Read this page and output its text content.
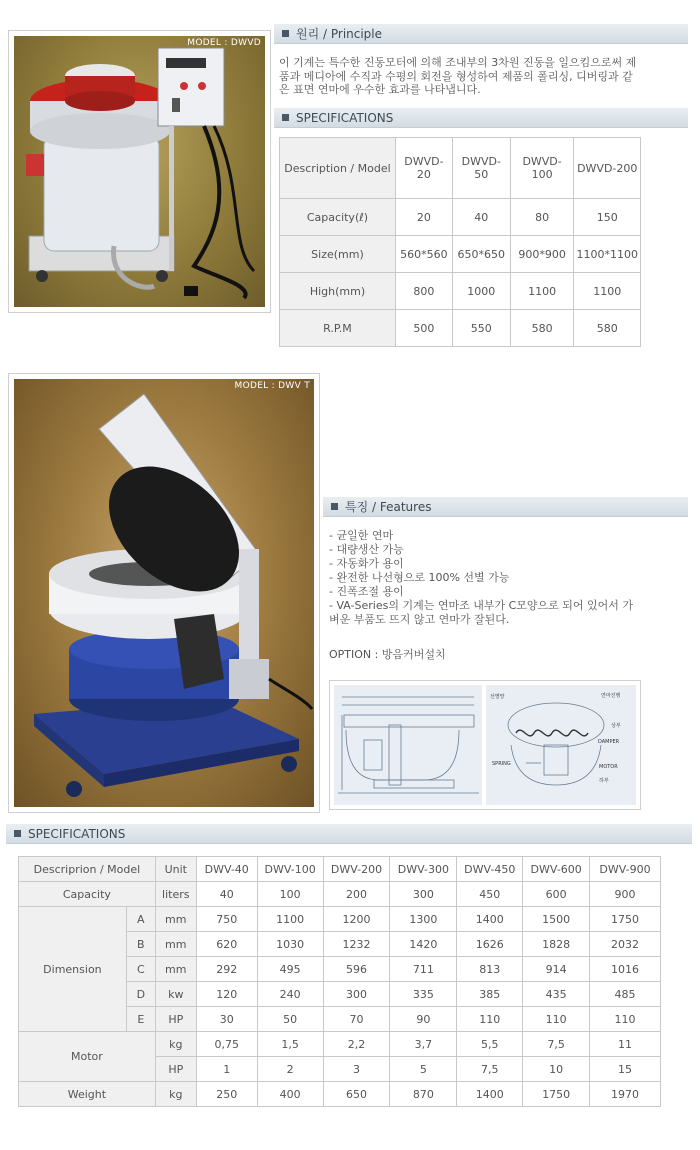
MODEL : DWVD
원리 / Principle
이 기계는 특수한 진동모터에 의해 조내부의 3차원 진동을 일으킴으로써 제품과 메디아에 수직과 수평의 회전을 형성하여 제품의 폴리싱, 디버링과 같은 표면 연마에 우수한 효과를 나타냅니다.
SPECIFICATIONS
Description / Model	DWVD-20	DWVD-50	DWVD-100	DWVD-200
Capacity(ℓ)	20	40	80	150
Size(mm)	560*560	650*650	900*900	1100*1100
High(mm)	800	1000	1100	1100
R.P.M	500	550	580	580
MODEL : DWV T
특징 / Features
- 균일한 연마
- 대량생산 가능
- 자동화가 용이
- 완전한 나선형으로 100% 선별 가능
- 진폭조절 용이
- VA-Series의 기계는 연마조 내부가 C모양으로 되어 있어서 가벼운 부품도 뜨지 않고 연마가 잘된다.
OPTION : 방음커버설치
선별망	연마진행
상부
DAMPER
SPRING	MOTOR
하부
SPECIFICATIONS
Descriprion / Model		Unit	DWV-40	DWV-100	DWV-200	DWV-300	DWV-450	DWV-600	DWV-900
Capacity		liters	40	100	200	300	450	600	900
Dimension	A	mm	750	1100	1200	1300	1400	1500	1750
	B	mm	620	1030	1232	1420	1626	1828	2032
	C	mm	292	495	596	711	813	914	1016
	D	kw	120	240	300	335	385	435	485
	E	HP	30	50	70	90	110	110	110
Motor		kg	0,75	1,5	2,2	3,7	5,5	7,5	11
		HP	1	2	3	5	7,5	10	15
Weight		kg	250	400	650	870	1400	1750	1970
